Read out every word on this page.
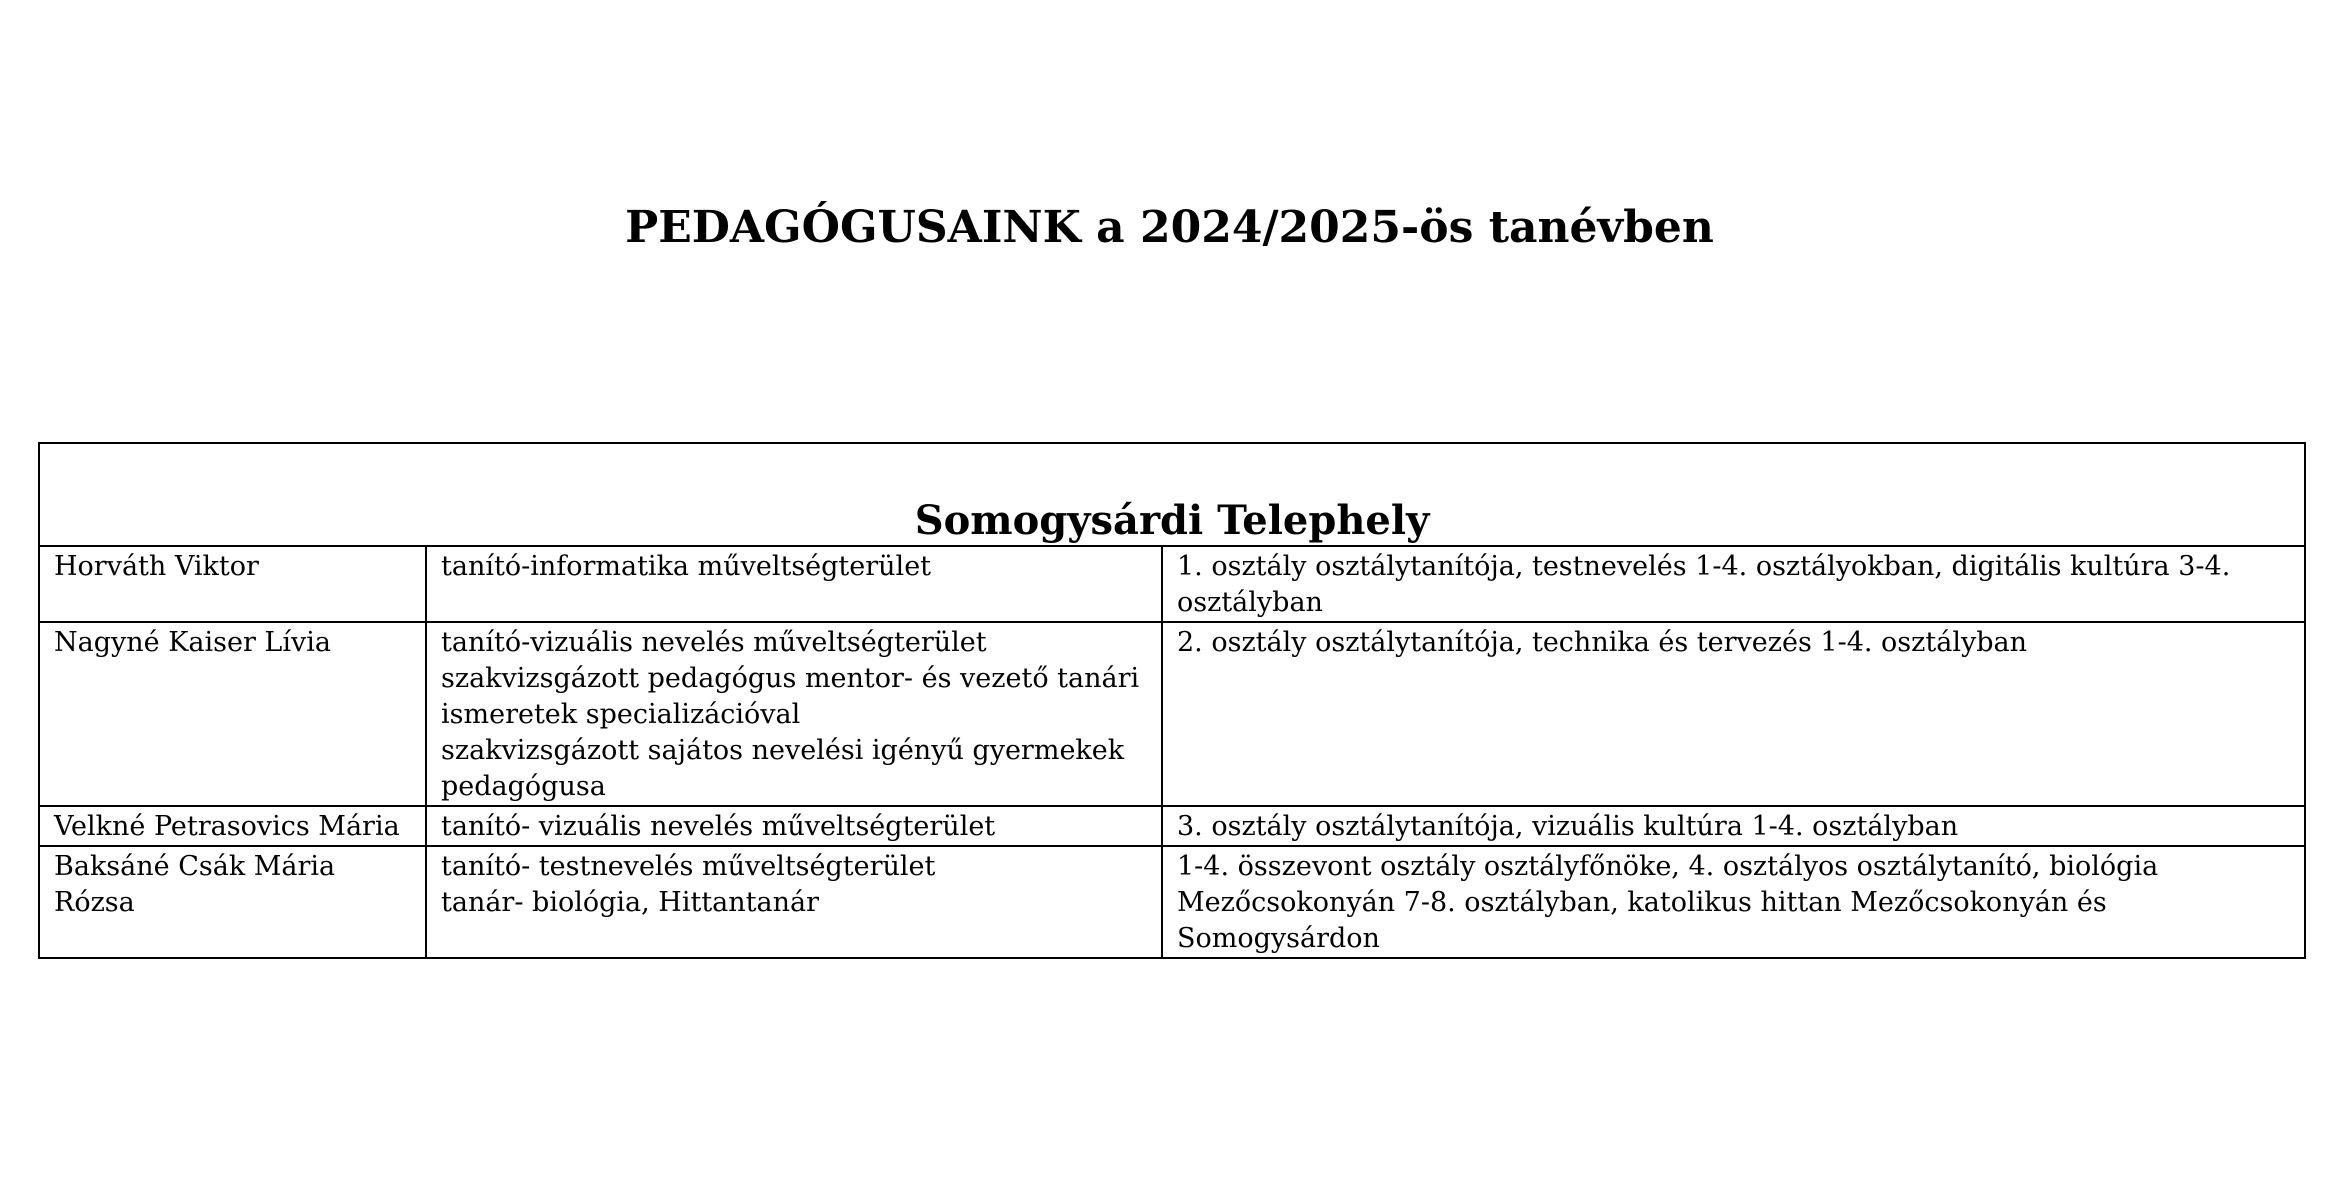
PEDAGÓGUSAINK a 2024/2025-ös tanévben
Somogysárdi Telephely		
Horváth Viktor	tanító-informatika műveltségterület	1. osztály osztálytanítója, testnevelés 1-4. osztályokban, digitális kultúra 3-4.
osztályban

Nagyné Kaiser Lívia	tanító-vizuális nevelés műveltségterület
szakvizsgázott pedagógus mentor- és vezető tanári
ismeretek specializációval
szakvizsgázott sajátos nevelési igényű gyermekek
pedagógusa	2. osztály osztálytanítója, technika és tervezés 1-4. osztályban

Velkné Petrasovics Mária	tanító- vizuális nevelés műveltségterület	3. osztály osztálytanítója, vizuális kultúra 1-4. osztályban

Baksáné Csák Mária Rózsa	tanító- testnevelés műveltségterület
tanár- biológia, Hittantanár	1-4. összevont osztály osztályfőnöke, 4. osztályos osztálytanító, biológia
Mezőcsokonyán 7-8. osztályban, katolikus hittan Mezőcsokonyán és Somogysárdon
